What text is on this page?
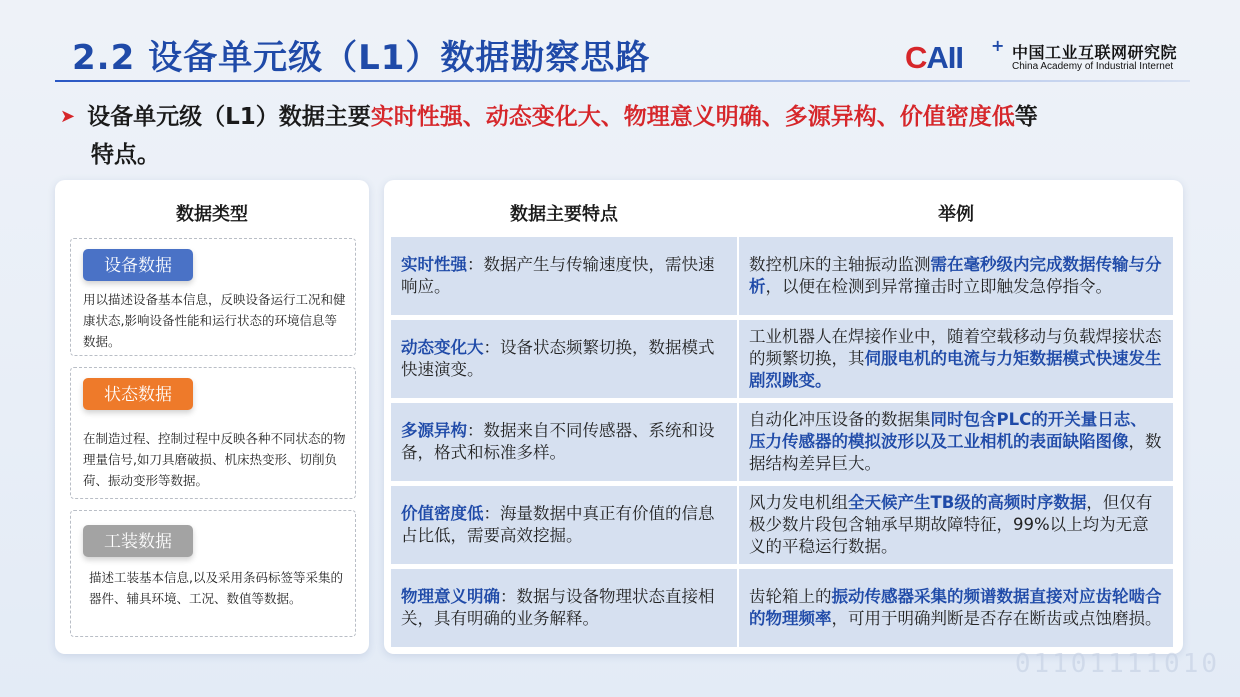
2.2 设备单元级（L1）数据勘察思路	CAII + 中国工业互联网研究院
China Academy of Industrial Internet
➤ 设备单元级（L1）数据主要实时性强、动态变化大、物理意义明确、多源异构、价值密度低等
特点。
数据类型
设备数据
用以描述设备基本信息，反映设备运行工况和健康状态,影响设备性能和运行状态的环境信息等数据。
状态数据
在制造过程、控制过程中反映各种不同状态的物理量信号,如刀具磨破损、机床热变形、切削负荷、振动变形等数据。
工装数据
描述工装基本信息,以及采用条码标签等采集的器件、辅具环境、工况、数值等数据。
数据主要特点	举例

实时性强：数据产生与传输速度快，需快速响应。

数控机床的主轴振动监测需在毫秒级内完成数据传输与分析，以便在检测到异常撞击时立即触发急停指令。

动态变化大：设备状态频繁切换，数据模式快速演变。

工业机器人在焊接作业中，随着空载移动与负载焊接状态的频繁切换，其伺服电机的电流与力矩数据模式快速发生剧烈跳变。

多源异构：数据来自不同传感器、系统和设备，格式和标准多样。

自动化冲压设备的数据集同时包含PLC的开关量日志、压力传感器的模拟波形以及工业相机的表面缺陷图像，数据结构差异巨大。

价值密度低：海量数据中真正有价值的信息占比低，需要高效挖掘。

风力发电机组全天候产生TB级的高频时序数据，但仅有极少数片段包含轴承早期故障特征，99%以上均为无意义的平稳运行数据。

物理意义明确：数据与设备物理状态直接相关，具有明确的业务解释。

齿轮箱上的振动传感器采集的频谱数据直接对应齿轮啮合的物理频率，可用于明确判断是否存在断齿或点蚀磨损。

01101111010
